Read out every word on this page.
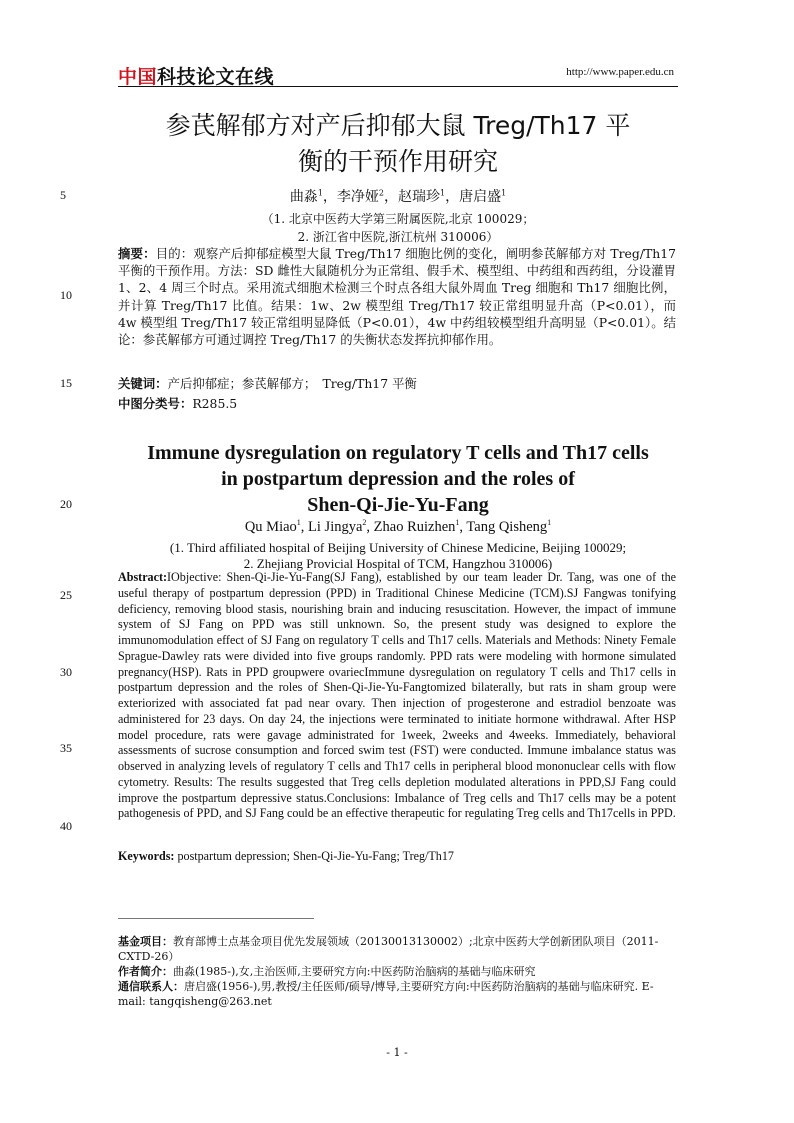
中国科技论文在线	http://www.paper.edu.cn
5
10
15
20
25
30
35
40
参芪解郁方对产后抑郁大鼠 Treg/Th17 平
衡的干预作用研究
曲淼$^1$，李净娅$^2$，赵瑞珍$^1$，唐启盛$^1$
（1. 北京中医药大学第三附属医院,北京 100029；
2. 浙江省中医院,浙江杭州 310006）
摘要：目的：观察产后抑郁症模型大鼠 Treg/Th17 细胞比例的变化，阐明参芪解郁方对 Treg/Th17 平衡的干预作用。方法：SD 雌性大鼠随机分为正常组、假手术、模型组、中药组和西药组，分设灌胃 1、2、4 周三个时点。采用流式细胞术检测三个时点各组大鼠外周血 Treg 细胞和 Th17 细胞比例，并计算 Treg/Th17 比值。结果：1w、2w 模型组 Treg/Th17 较正常组明显升高（P<0.01），而 4w 模型组 Treg/Th17 较正常组明显降低（P<0.01），4w 中药组较模型组升高明显（P<0.01）。结论：参芪解郁方可通过调控 Treg/Th17 的失衡状态发挥抗抑郁作用。
关键词：产后抑郁症；参芪解郁方；　Treg/Th17 平衡
中图分类号：R285.5
Immune dysregulation on regulatory T cells and Th17 cells
in postpartum depression and the roles of
Shen-Qi-Jie-Yu-Fang
Qu Miao$^1$, Li Jingya$^2$, Zhao Ruizhen$^1$, Tang Qisheng$^1$
(1. Third affiliated hospital of Beijing University of Chinese Medicine, Beijing 100029;
2. Zhejiang Provicial Hospital of TCM, Hangzhou 310006)
Abstract:IObjective: Shen-Qi-Jie-Yu-Fang(SJ Fang), established by our team leader Dr. Tang, was one of the useful therapy of postpartum depression (PPD) in Traditional Chinese Medicine (TCM).SJ Fangwas tonifying deficiency, removing blood stasis, nourishing brain and inducing resuscitation. However, the impact of immune system of SJ Fang on PPD was still unknown. So, the present study was designed to explore the immunomodulation effect of SJ Fang on regulatory T cells and Th17 cells. Materials and Methods: Ninety Female Sprague-Dawley rats were divided into five groups randomly. PPD rats were modeling with hormone simulated pregnancy(HSP). Rats in PPD groupwere ovariecImmune dysregulation on regulatory T cells and Th17 cells in postpartum depression and the roles of Shen-Qi-Jie-Yu-Fangtomized bilaterally, but rats in sham group were exteriorized with associated fat pad near ovary. Then injection of progesterone and estradiol benzoate was administered for 23 days. On day 24, the injections were terminated to initiate hormone withdrawal. After HSP model procedure, rats were gavage administrated for 1week, 2weeks and 4weeks. Immediately, behavioral assessments of sucrose consumption and forced swim test (FST) were conducted. Immune imbalance status was observed in analyzing levels of regulatory T cells and Th17 cells in peripheral blood mononuclear cells with flow cytometry. Results: The results suggested that Treg cells depletion modulated alterations in PPD,SJ Fang could improve the postpartum depressive status.Conclusions: Imbalance of Treg cells and Th17 cells may be a potent pathogenesis of PPD, and SJ Fang could be an effective therapeutic for regulating Treg cells and Th17cells in PPD.
Keywords: postpartum depression; Shen-Qi-Jie-Yu-Fang; Treg/Th17
基金项目：教育部博士点基金项目优先发展领域（20130013130002）;北京中医药大学创新团队项目（2011-CXTD-26）
作者简介：曲淼(1985-),女,主治医师,主要研究方向:中医药防治脑病的基础与临床研究
通信联系人：唐启盛(1956-),男,教授/主任医师/硕导/博导,主要研究方向:中医药防治脑病的基础与临床研究. E-mail: tangqisheng@263.net
- 1 -
